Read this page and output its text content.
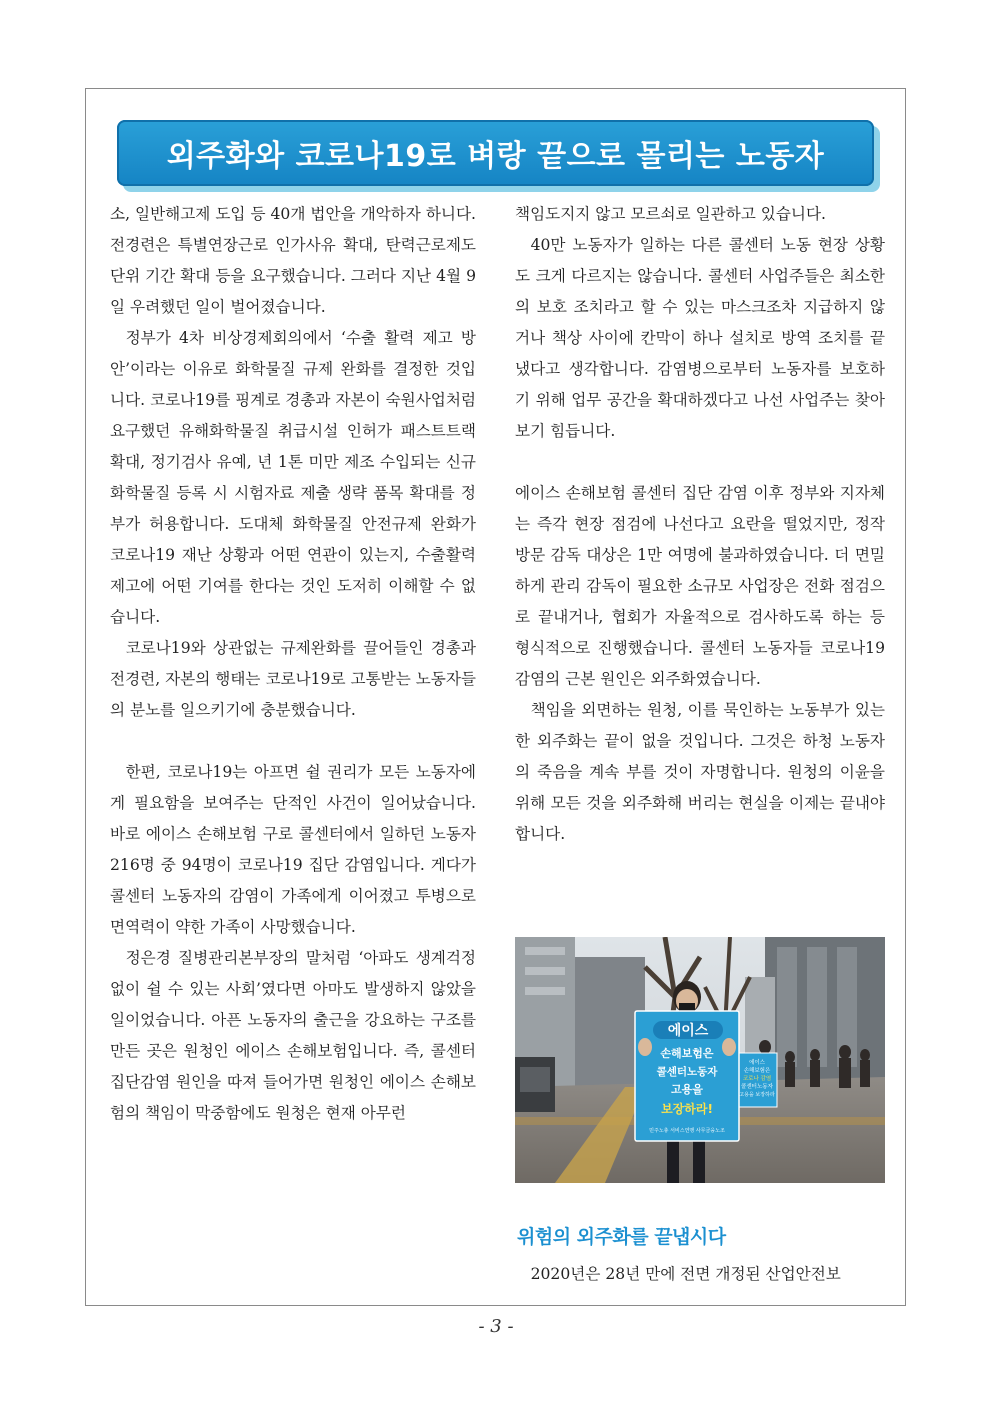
외주화와 코로나19로 벼랑 끝으로 몰리는 노동자

소, 일반해고제 도입 등 40개 법안을 개악하자 하니다. 전경련은 특별연장근로 인가사유 확대, 탄력근로제도 단위 기간 확대 등을 요구했습니다. 그러다 지난 4월 9일 우려했던 일이 벌어졌습니다.

정부가 4차 비상경제회의에서 ‘수출 활력 제고 방안’이라는 이유로 화학물질 규제 완화를 결정한 것입니다. 코로나19를 핑계로 경총과 자본이 숙원사업처럼 요구했던 유해화학물질 취급시설 인허가 패스트트랙 확대, 정기검사 유예, 년 1톤 미만 제조 수입되는 신규화학물질 등록 시 시험자료 제출 생략 품목 확대를 정부가 허용합니다. 도대체 화학물질 안전규제 완화가 코로나19 재난 상황과 어떤 연관이 있는지, 수출활력제고에 어떤 기여를 한다는 것인 도저히 이해할 수 없습니다.

코로나19와 상관없는 규제완화를 끌어들인 경총과 전경련, 자본의 행태는 코로나19로 고통받는 노동자들의 분노를 일으키기에 충분했습니다.

한편, 코로나19는 아프면 쉴 권리가 모든 노동자에게 필요함을 보여주는 단적인 사건이 일어났습니다. 바로 에이스 손해보험 구로 콜센터에서 일하던 노동자 216명 중 94명이 코로나19 집단 감염입니다. 게다가 콜센터 노동자의 감염이 가족에게 이어졌고 투병으로 면역력이 약한 가족이 사망했습니다.

정은경 질병관리본부장의 말처럼 ‘아파도 생계걱정 없이 쉴 수 있는 사회’였다면 아마도 발생하지 않았을 일이었습니다. 아픈 노동자의 출근을 강요하는 구조를 만든 곳은 원청인 에이스 손해보험입니다. 즉, 콜센터 집단감염 원인을 따져 들어가면 원청인 에이스 손해보험의 책임이 막중함에도 원청은 현재 아무런

책임도지지 않고 모르쇠로 일관하고 있습니다.

40만 노동자가 일하는 다른 콜센터 노동 현장 상황도 크게 다르지는 않습니다. 콜센터 사업주들은 최소한의 보호 조치라고 할 수 있는 마스크조차 지급하지 않거나 책상 사이에 칸막이 하나 설치로 방역 조치를 끝냈다고 생각합니다. 감염병으로부터 노동자를 보호하기 위해 업무 공간을 확대하겠다고 나선 사업주는 찾아보기 힘듭니다.

에이스 손해보험 콜센터 집단 감염 이후 정부와 지자체는 즉각 현장 점검에 나선다고 요란을 떨었지만, 정작 방문 감독 대상은 1만 여명에 불과하였습니다. 더 면밀하게 관리 감독이 필요한 소규모 사업장은 전화 점검으로 끝내거나, 협회가 자율적으로 검사하도록 하는 등 형식적으로 진행했습니다. 콜센터 노동자들 코로나19 감염의 근본 원인은 외주화였습니다.

책임을 외면하는 원청, 이를 묵인하는 노동부가 있는 한 외주화는 끝이 없을 것입니다. 그것은 하청 노동자의 죽음을 계속 부를 것이 자명합니다. 원청의 이윤을 위해 모든 것을 외주화해 버리는 현실을 이제는 끝내야 합니다.

에이스
손해보험은
코로나 감염
콜센터노동자
고용을 보장하라
에이스
손해보험은
콜센터노동자
고용을
보장하라!
민주노총 서비스연맹 사무금융노조
위험의 외주화를 끝냅시다
2020년은 28년 만에 전면 개정된 산업안전보
- 3 -
